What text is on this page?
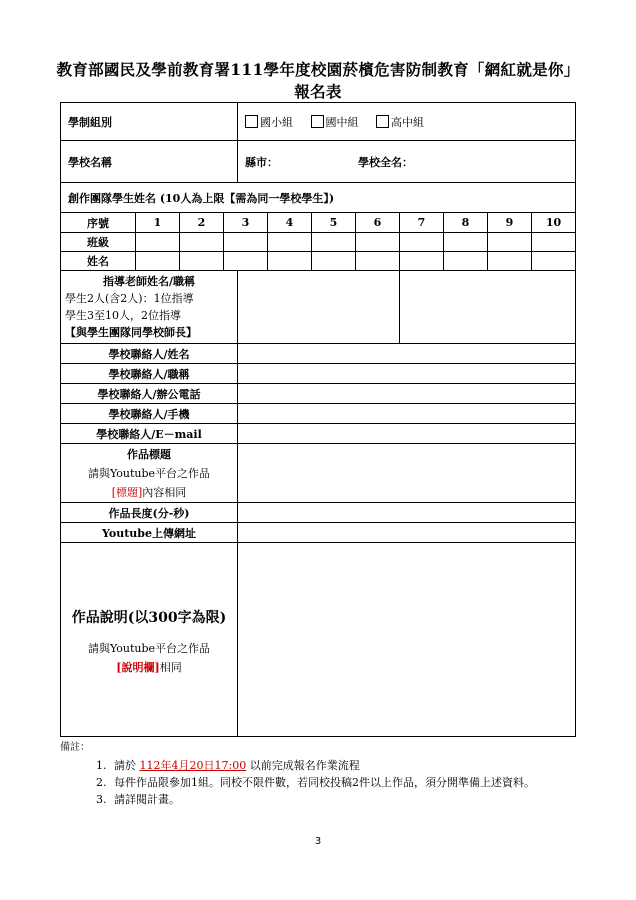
教育部國民及學前教育署111學年度校園菸檳危害防制教育「網紅就是你」
報名表
學制組別	國小組 國中組 高中組
學校名稱	縣市： 學校全名：
創作團隊學生姓名 (10人為上限【需為同一學校學生】)	
序號	1	2	3	4	5	6	7	8	9	10
班級										
姓名										
指導老師姓名/職稱
學生2人(含2人)：1位指導
學生3至10人，2位指導
【與學生團隊同學校師長】		

學校聯絡人/姓名		
學校聯絡人/職稱		
學校聯絡人/辦公電話		
學校聯絡人/手機		
學校聯絡人/E－mail		

作品標題
請與Youtube平台之作品
[標題]內容相同		

作品長度(分-秒)		
Youtube上傳網址		

作品說明(以300字為限)
請與Youtube平台之作品
[說明欄]相同		

備註：
1. 請於 112年4月20日17:00 以前完成報名作業流程
2. 每件作品限參加1組。同校不限件數，若同校投稿2件以上作品，須分開準備上述資料。
3. 請詳閱計畫。
3
